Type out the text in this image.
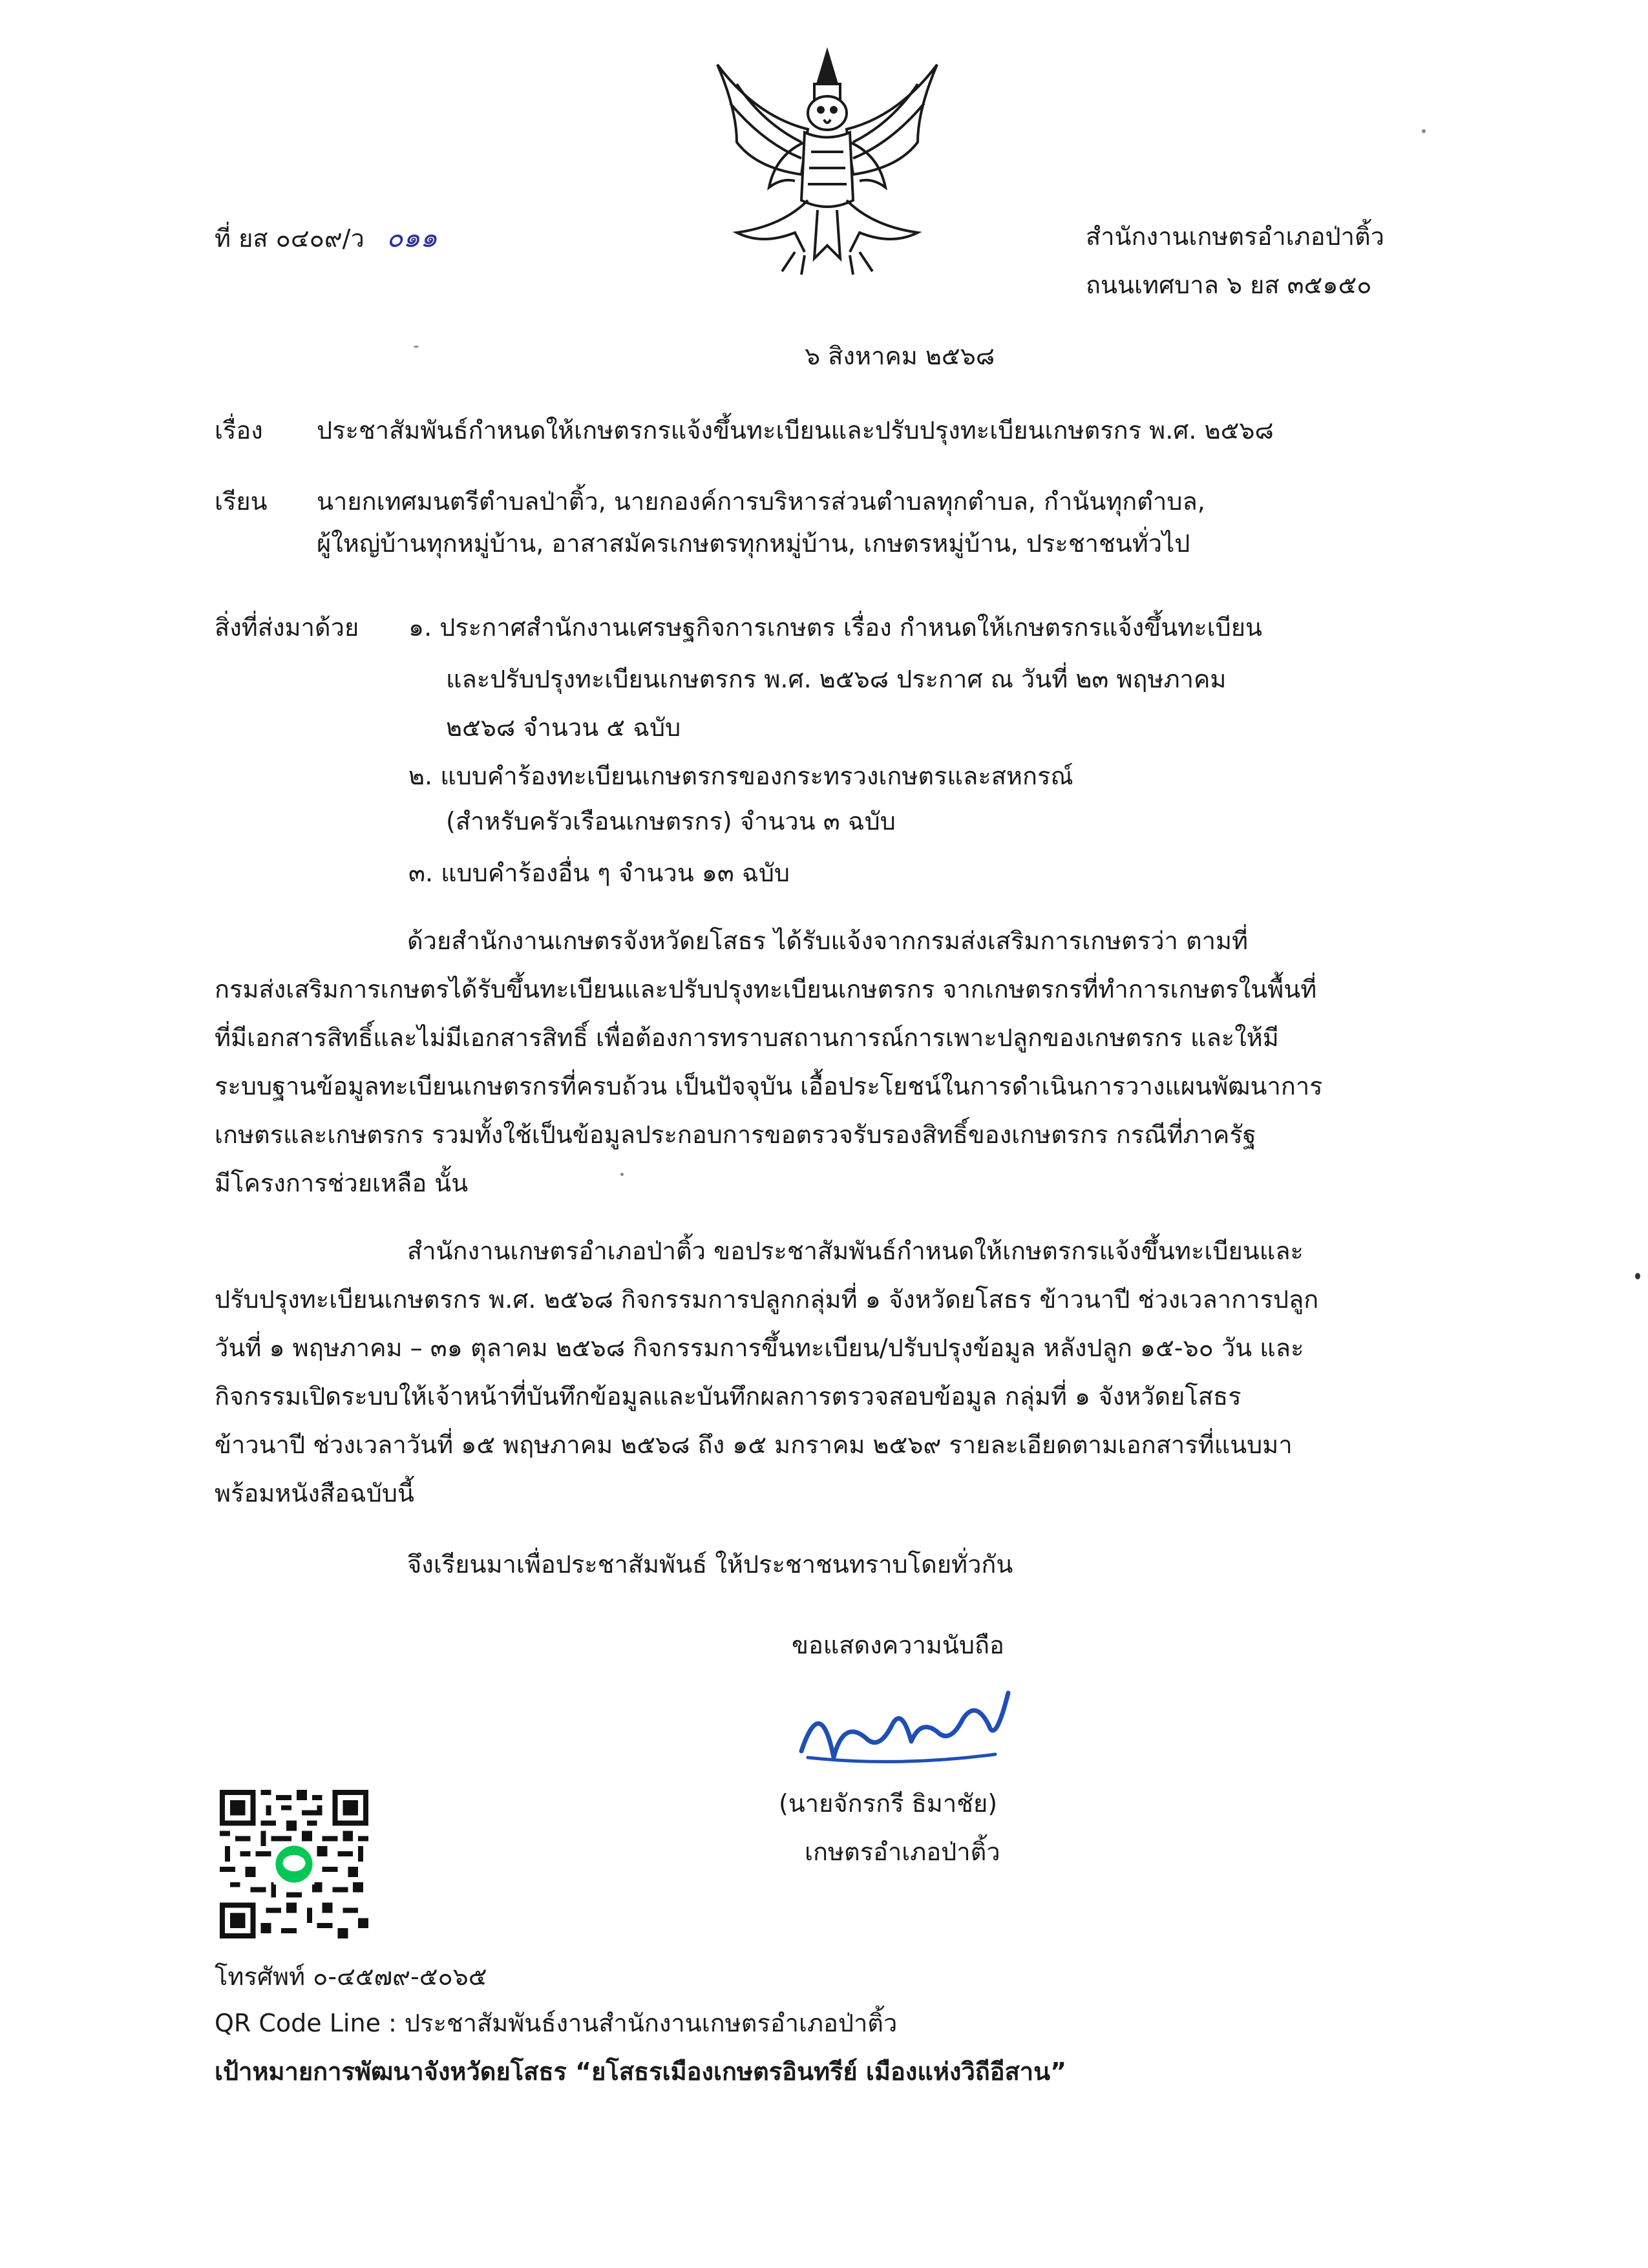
ที่ ยส ๐๔๐๙/ว ๐๑๑	สำนักงานเกษตรอำเภอป่าติ้ว
ถนนเทศบาล ๖ ยส ๓๕๑๕๐
๖ สิงหาคม ๒๕๖๘
เรื่อง ประชาสัมพันธ์กำหนดให้เกษตรกรแจ้งขึ้นทะเบียนและปรับปรุงทะเบียนเกษตรกร พ.ศ. ๒๕๖๘
เรียน นายกเทศมนตรีตำบลป่าติ้ว, นายกองค์การบริหารส่วนตำบลทุกตำบล, กำนันทุกตำบล,
ผู้ใหญ่บ้านทุกหมู่บ้าน, อาสาสมัครเกษตรทุกหมู่บ้าน, เกษตรหมู่บ้าน, ประชาชนทั่วไป
สิ่งที่ส่งมาด้วย ๑. ประกาศสำนักงานเศรษฐกิจการเกษตร เรื่อง กำหนดให้เกษตรกรแจ้งขึ้นทะเบียน
และปรับปรุงทะเบียนเกษตรกร พ.ศ. ๒๕๖๘ ประกาศ ณ วันที่ ๒๓ พฤษภาคม
๒๕๖๘ จำนวน ๕ ฉบับ
๒. แบบคำร้องทะเบียนเกษตรกรของกระทรวงเกษตรและสหกรณ์
(สำหรับครัวเรือนเกษตรกร) จำนวน ๓ ฉบับ
๓. แบบคำร้องอื่น ๆ จำนวน ๑๓ ฉบับ
ด้วยสำนักงานเกษตรจังหวัดยโสธร ได้รับแจ้งจากกรมส่งเสริมการเกษตรว่า ตามที่
กรมส่งเสริมการเกษตรได้รับขึ้นทะเบียนและปรับปรุงทะเบียนเกษตรกร จากเกษตรกรที่ทำการเกษตรในพื้นที่
ที่มีเอกสารสิทธิ์และไม่มีเอกสารสิทธิ์ เพื่อต้องการทราบสถานการณ์การเพาะปลูกของเกษตรกร และให้มี
ระบบฐานข้อมูลทะเบียนเกษตรกรที่ครบถ้วน เป็นปัจจุบัน เอื้อประโยชน์ในการดำเนินการวางแผนพัฒนาการ
เกษตรและเกษตรกร รวมทั้งใช้เป็นข้อมูลประกอบการขอตรวจรับรองสิทธิ์ของเกษตรกร กรณีที่ภาครัฐ
มีโครงการช่วยเหลือ นั้น
สำนักงานเกษตรอำเภอป่าติ้ว ขอประชาสัมพันธ์กำหนดให้เกษตรกรแจ้งขึ้นทะเบียนและ
ปรับปรุงทะเบียนเกษตรกร พ.ศ. ๒๕๖๘ กิจกรรมการปลูกกลุ่มที่ ๑ จังหวัดยโสธร ข้าวนาปี ช่วงเวลาการปลูก
วันที่ ๑ พฤษภาคม – ๓๑ ตุลาคม ๒๕๖๘ กิจกรรมการขึ้นทะเบียน/ปรับปรุงข้อมูล หลังปลูก ๑๕-๖๐ วัน และ
กิจกรรมเปิดระบบให้เจ้าหน้าที่บันทึกข้อมูลและบันทึกผลการตรวจสอบข้อมูล กลุ่มที่ ๑ จังหวัดยโสธร
ข้าวนาปี ช่วงเวลาวันที่ ๑๕ พฤษภาคม ๒๕๖๘ ถึง ๑๕ มกราคม ๒๕๖๙ รายละเอียดตามเอกสารที่แนบมา
พร้อมหนังสือฉบับนี้
จึงเรียนมาเพื่อประชาสัมพันธ์ ให้ประชาชนทราบโดยทั่วกัน
ขอแสดงความนับถือ
(นายจักรกรี ธิมาชัย)
เกษตรอำเภอป่าติ้ว
โทรศัพท์ ๐-๔๕๗๙-๕๐๖๕
QR Code Line : ประชาสัมพันธ์งานสำนักงานเกษตรอำเภอป่าติ้ว
เป้าหมายการพัฒนาจังหวัดยโสธร “ยโสธรเมืองเกษตรอินทรีย์ เมืองแห่งวิถีอีสาน”
